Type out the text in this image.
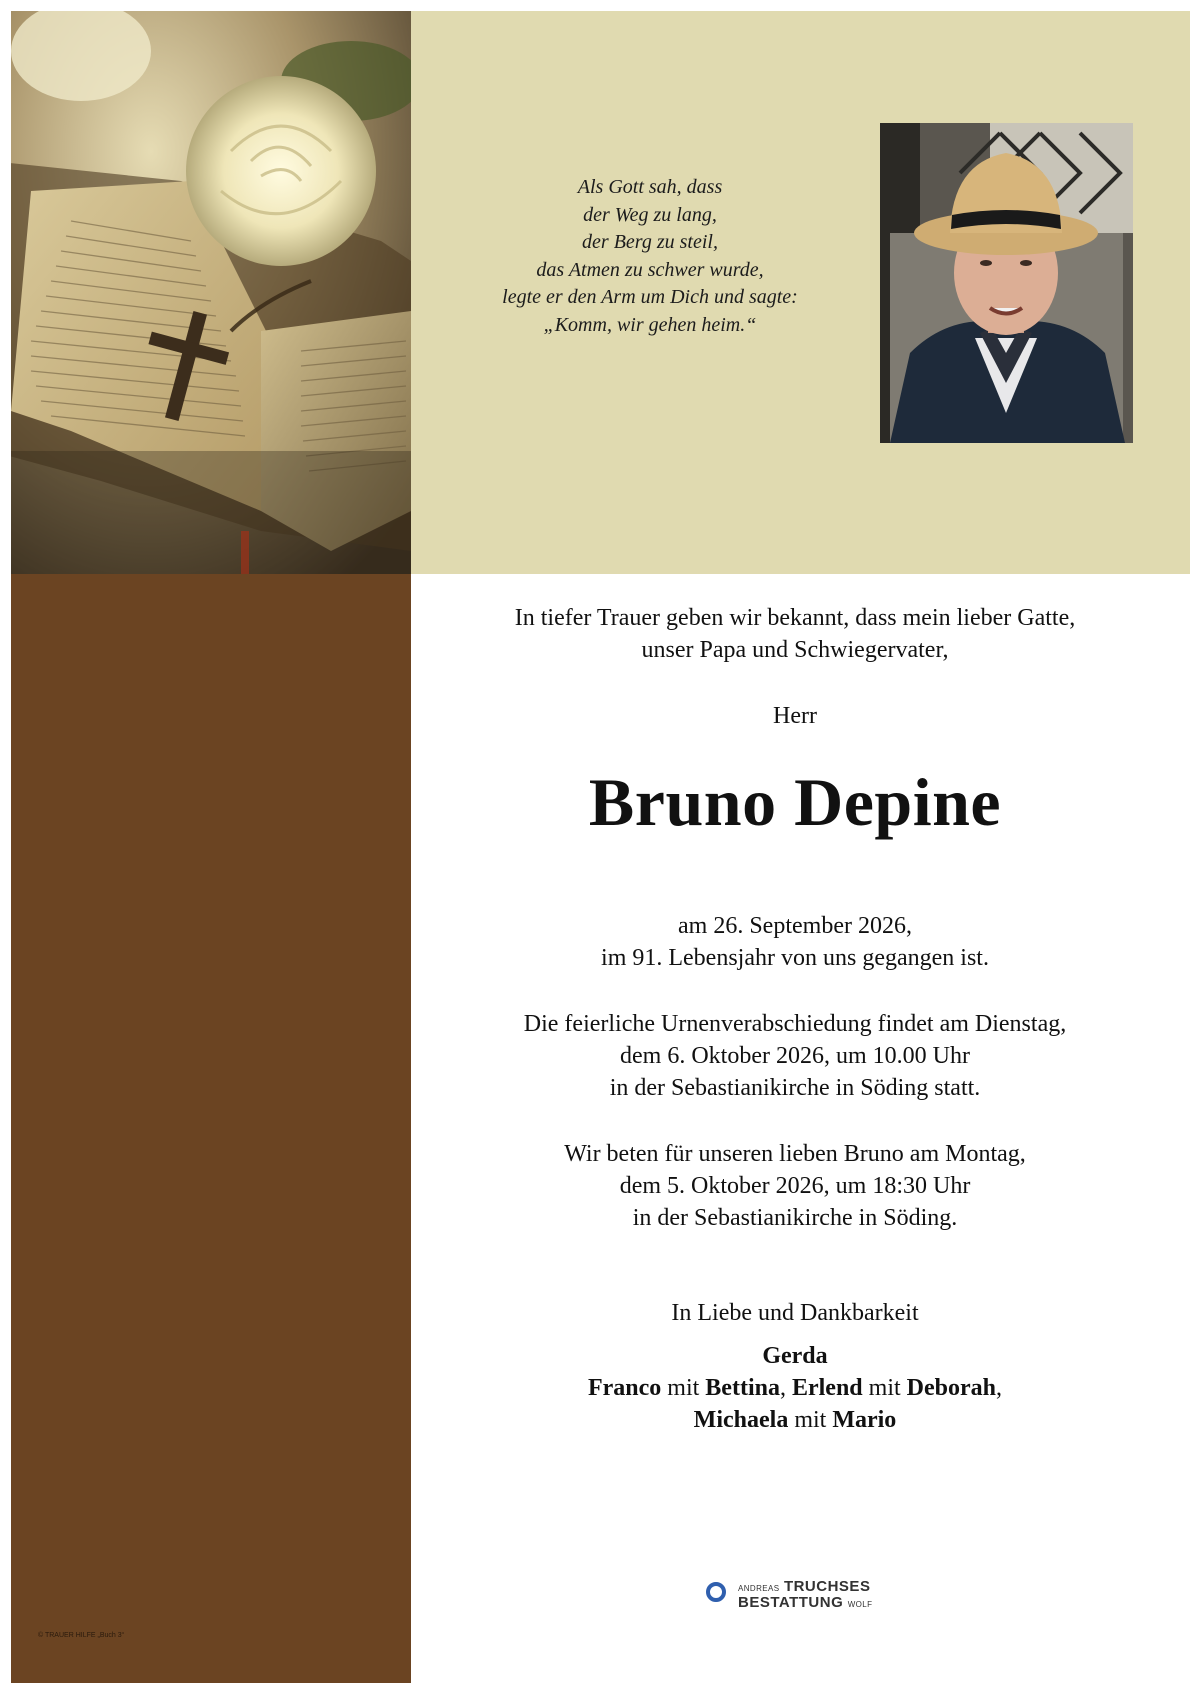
© TRAUER HILFE „Buch 3“
Als Gott sah, dass
der Weg zu lang,
der Berg zu steil,
das Atmen zu schwer wurde,
legte er den Arm um Dich und sagte:
„Komm, wir gehen heim.“
In tiefer Trauer geben wir bekannt, dass mein lieber Gatte,
unser Papa und Schwiegervater,
Herr
Bruno Depine
am 26. September 2026,
im 91. Lebensjahr von uns gegangen ist.
Die feierliche Urnenverabschiedung findet am Dienstag,
dem 6. Oktober 2026, um 10.00 Uhr
in der Sebastianikirche in Söding statt.
Wir beten für unseren lieben Bruno am Montag,
dem 5. Oktober 2026, um 18:30 Uhr
in der Sebastianikirche in Söding.
In Liebe und Dankbarkeit
Gerda
Franco mit Bettina, Erlend mit Deborah,
Michaela mit Mario
ANDREAS TRUCHSES
BESTATTUNG WOLF
